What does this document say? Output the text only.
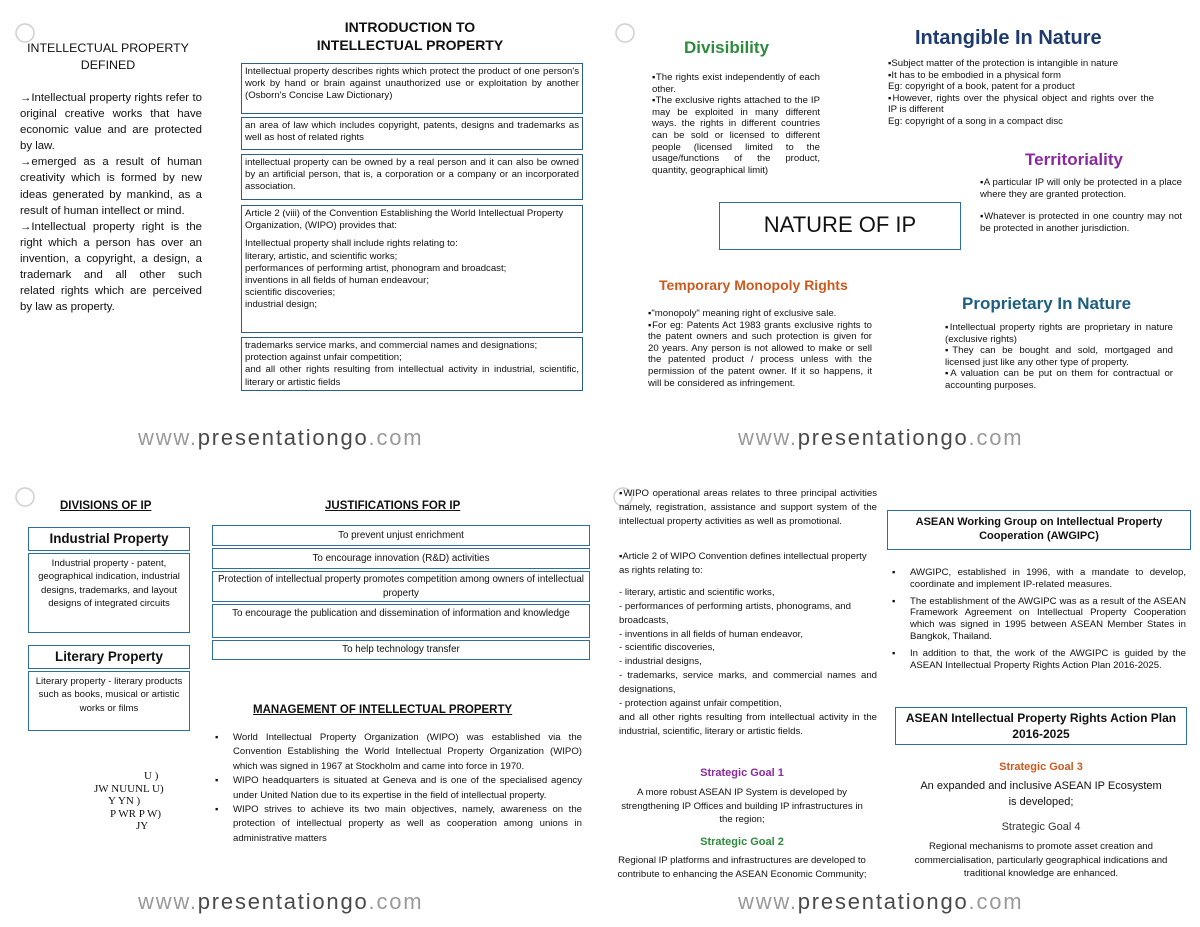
INTELLECTUAL PROPERTY
DEFINED
→Intellectual property rights refer to original creative works that have economic value and are protected by law.
→emerged as a result of human creativity which is formed by new ideas generated by mankind, as a result of human intellect or mind.
→Intellectual property right is the right which a person has over an invention, a copyright, a design, a trademark and all other such related rights which are perceived by law as property.
INTRODUCTION TO
INTELLECTUAL PROPERTY
Intellectual property describes rights which protect the product of one person's work by hand or brain against unauthorized use or exploitation by another (Osborn's Concise Law Dictionary)
an area of law which includes copyright, patents, designs and trademarks as well as host of related rights
intellectual property can be owned by a real person and it can also be owned by an artificial person, that is, a corporation or a company or an incorporated association.
Article 2 (viii) of the Convention Establishing the World Intellectual Property Organization, (WIPO) provides that:
Intellectual property shall include rights relating to:
literary, artistic, and scientific works;
performances of performing artist, phonogram and broadcast;
inventions in all fields of human endeavour;
scientific discoveries;
industrial design;
trademarks service marks, and commercial names and designations;
protection against unfair competition;
and all other rights resulting from intellectual activity in industrial, scientific, literary or artistic fields
www.presentationgo.com
Divisibility
▪The rights exist independently of each other.
▪The exclusive rights attached to the IP may be exploited in many different ways. the rights in different countries can be sold or licensed to different people (licensed limited to the usage/functions of the product, quantity, geographical limit)
Intangible In Nature
▪Subject matter of the protection is intangible in nature
▪It has to be embodied in a physical form
Eg: copyright of a book, patent for a product
▪However, rights over the physical object and rights over the IP is different
Eg: copyright of a song in a compact disc
Territoriality
▪A particular IP will only be protected in a place where they are granted protection.
▪Whatever is protected in one country may not be protected in another jurisdiction.
NATURE OF IP
Temporary Monopoly Rights
▪"monopoly" meaning right of exclusive sale.
▪For eg: Patents Act 1983 grants exclusive rights to the patent owners and such protection is given for 20 years. Any person is not allowed to make or sell the patented product / process unless with the permission of the patent owner. If it so happens, it will be considered as infringement.
Proprietary In Nature
▪Intellectual property rights are proprietary in nature (exclusive rights)
▪They can be bought and sold, mortgaged and licensed just like any other type of property.
▪A valuation can be put on them for contractual or accounting purposes.
www.presentationgo.com
DIVISIONS OF IP
Industrial Property
Industrial property - patent, geographical indication, industrial designs, trademarks, and layout designs of integrated circuits
Literary Property
Literary property - literary products such as books, musical or artistic works or films
U )
JW NUUNL U)
Y YN )
P WR P W)
JY
JUSTIFICATIONS FOR IP
To prevent unjust enrichment
To encourage innovation (R&D) activities
Protection of intellectual property promotes competition among owners of intellectual property
To encourage the publication and dissemination of information and knowledge
To help technology transfer
MANAGEMENT OF INTELLECTUAL PROPERTY
▪ World Intellectual Property Organization (WIPO) was established via the Convention Establishing the World Intellectual Property Organization (WIPO) which was signed in 1967 at Stockholm and came into force in 1970.
▪ WIPO headquarters is situated at Geneva and is one of the specialised agency under United Nation due to its expertise in the field of intellectual property.
▪ WIPO strives to achieve its two main objectives, namely, awareness on the protection of intellectual property as well as cooperation among unions in administrative matters
www.presentationgo.com
▪WIPO operational areas relates to three principal activities namely, registration, assistance and support system of the intellectual property activities as well as promotional.
▪Article 2 of WIPO Convention defines intellectual property as rights relating to:
- literary, artistic and scientific works,
- performances of performing artists, phonograms, and broadcasts,
- inventions in all fields of human endeavor,
- scientific discoveries,
- industrial designs,
- trademarks, service marks, and commercial names and designations,
- protection against unfair competition,
and all other rights resulting from intellectual activity in the industrial, scientific, literary or artistic fields.
Strategic Goal 1
A more robust ASEAN IP System is developed by strengthening IP Offices and building IP infrastructures in the region;
Strategic Goal 2
Regional IP platforms and infrastructures are developed to contribute to enhancing the ASEAN Economic Community;
ASEAN Working Group on Intellectual Property Cooperation (AWGIPC)
▪ AWGIPC, established in 1996, with a mandate to develop, coordinate and implement IP-related measures.
▪ The establishment of the AWGIPC was as a result of the ASEAN Framework Agreement on Intellectual Property Cooperation which was signed in 1995 between ASEAN Member States in Bangkok, Thailand.
▪ In addition to that, the work of the AWGIPC is guided by the ASEAN Intellectual Property Rights Action Plan 2016-2025.
ASEAN Intellectual Property Rights Action Plan 2016-2025
Strategic Goal 3
An expanded and inclusive ASEAN IP Ecosystem is developed;
Strategic Goal 4
Regional mechanisms to promote asset creation and commercialisation, particularly geographical indications and traditional knowledge are enhanced.
www.presentationgo.com
